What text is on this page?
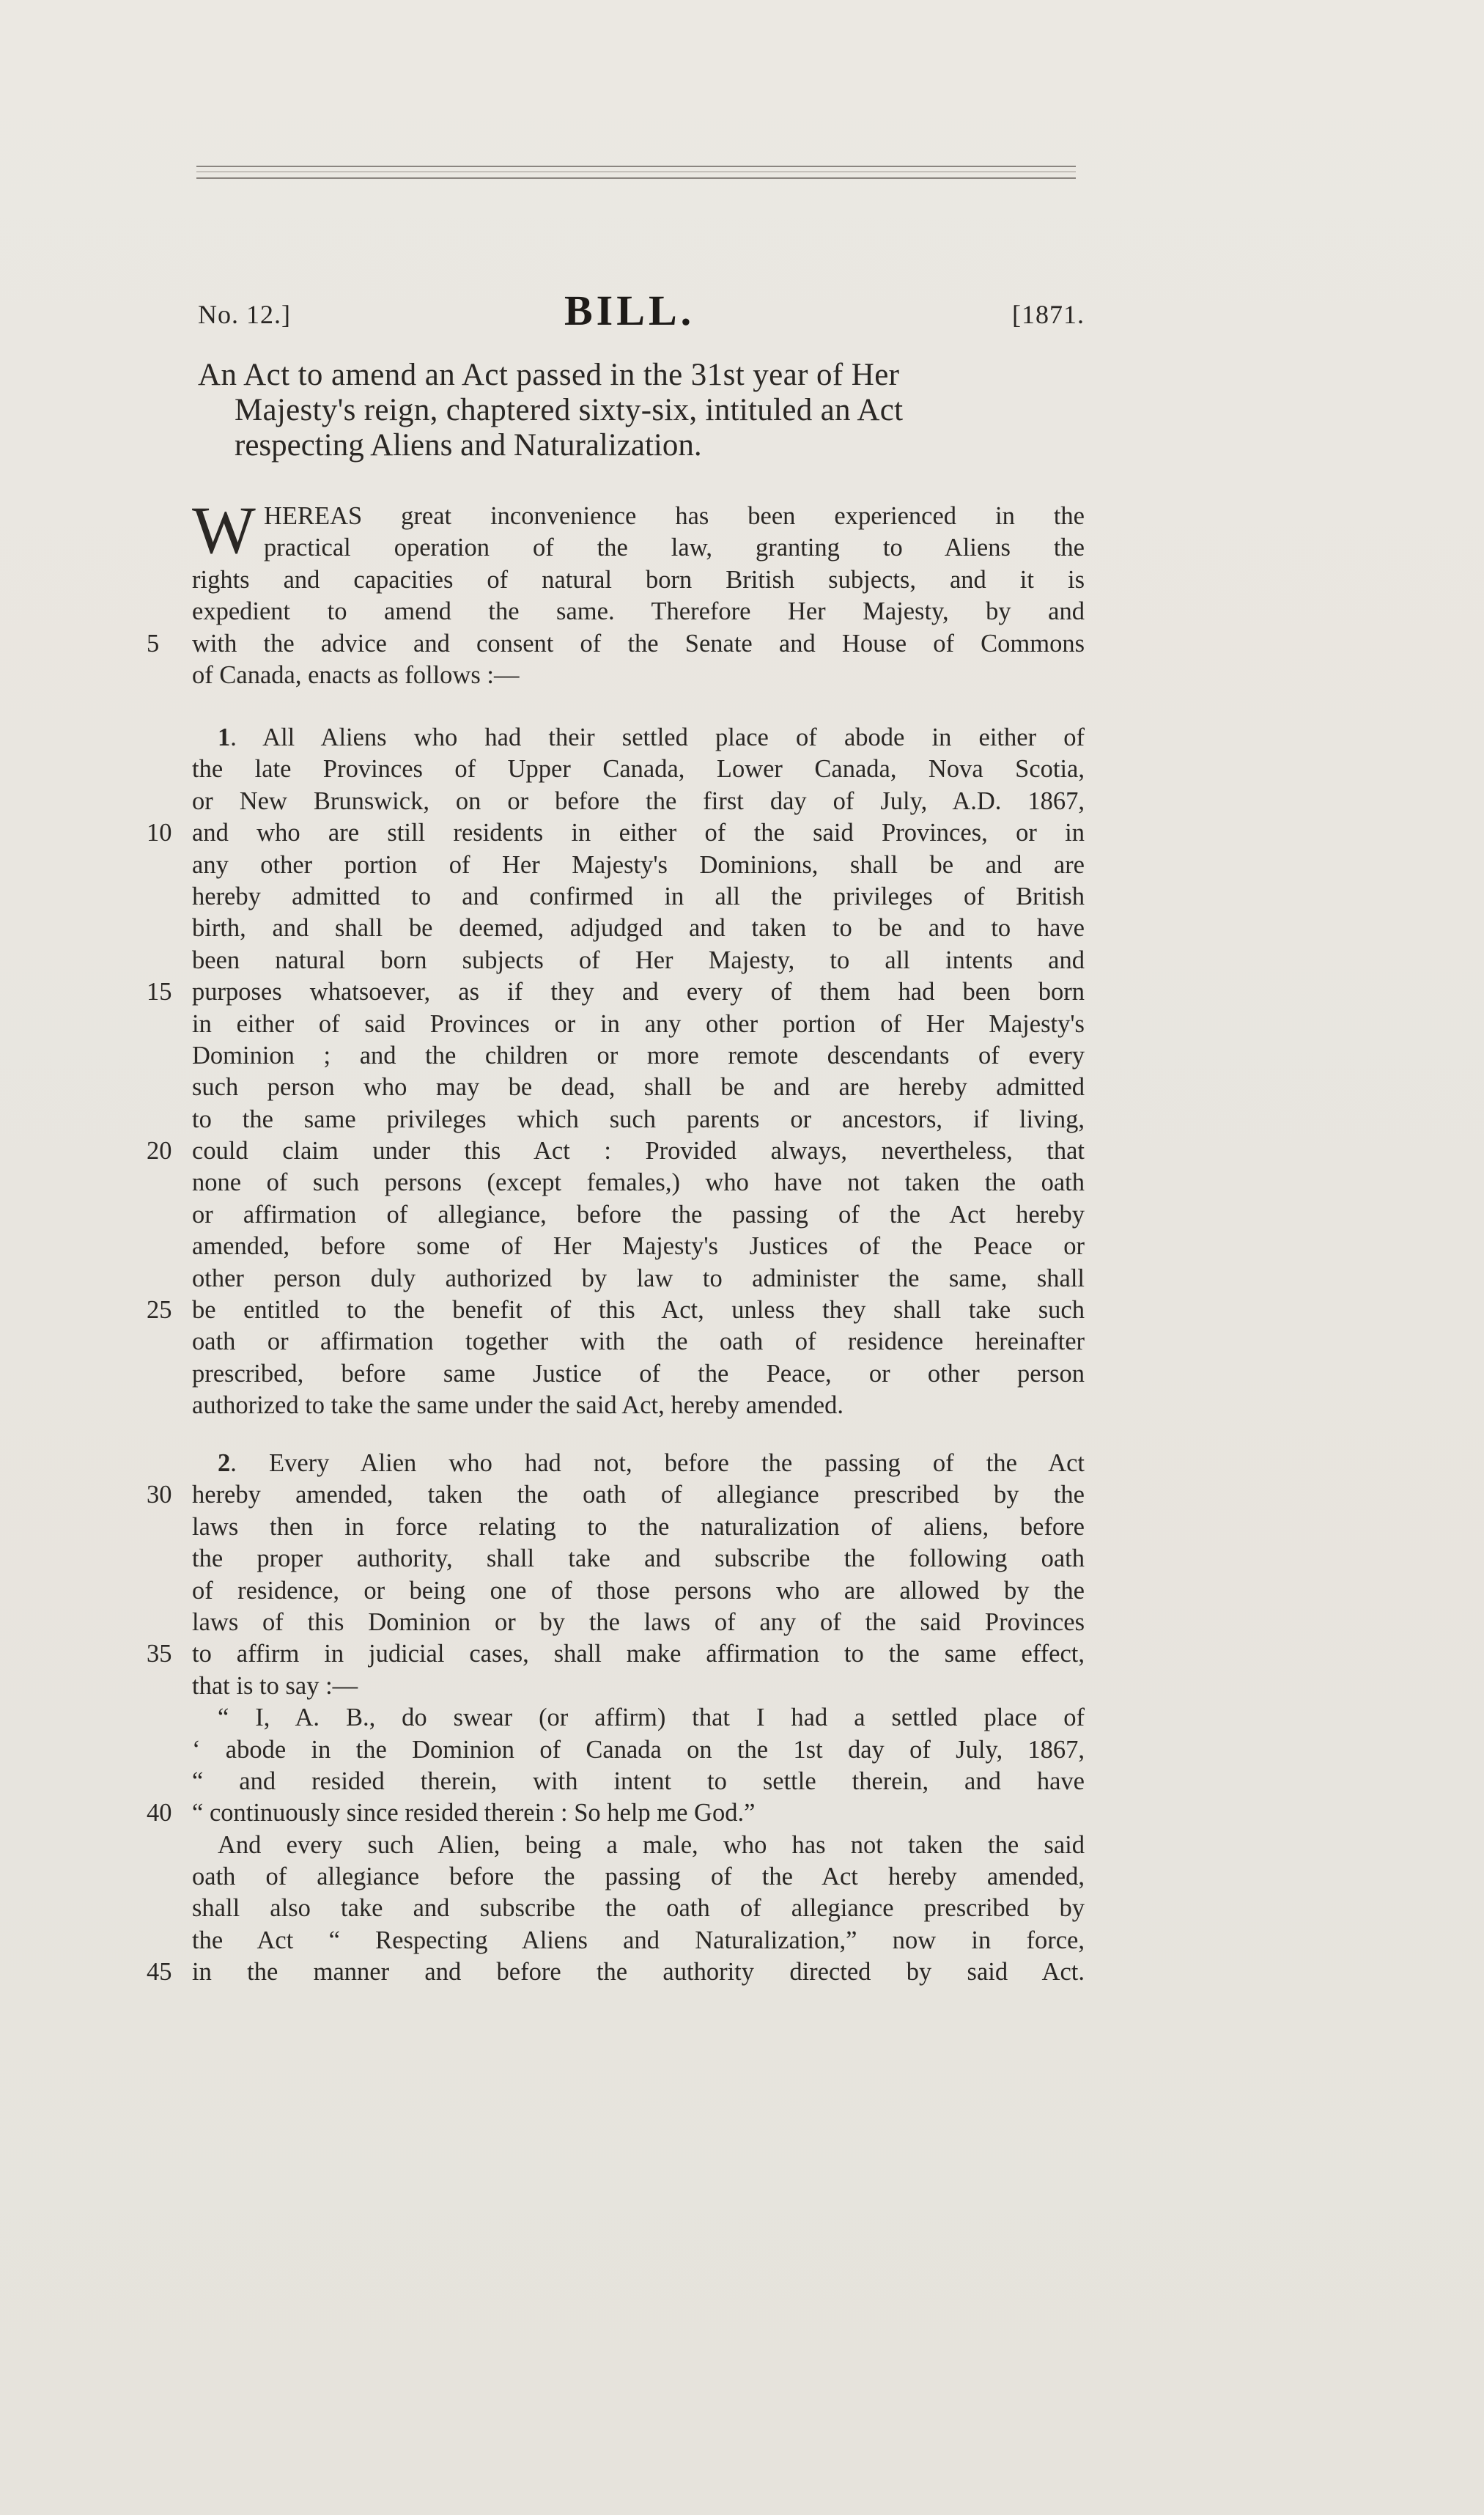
No. 12.]	BILL.	[1871.
An Act to amend an Act passed in the 31st year of Her
Majesty's reign, chaptered sixty-six, intituled an Act
respecting Aliens and Naturalization.
W HEREAS great inconvenience has been experienced in the
practical operation of the law, granting to Aliens the
rights and capacities of natural born British subjects, and it is
expedient to amend the same. Therefore Her Majesty, by and
5	with the advice and consent of the Senate and House of Commons
of Canada, enacts as follows :—
1. All Aliens who had their settled place of abode in either of
the late Provinces of Upper Canada, Lower Canada, Nova Scotia,
or New Brunswick, on or before the first day of July, A.D. 1867,
10 and who are still residents in either of the said Provinces, or in
any other portion of Her Majesty's Dominions, shall be and are
hereby admitted to and confirmed in all the privileges of British
birth, and shall be deemed, adjudged and taken to be and to have
been natural born subjects of Her Majesty, to all intents and
15 purposes whatsoever, as if they and every of them had been born
in either of said Provinces or in any other portion of Her Majesty's
Dominion ; and the children or more remote descendants of every
such person who may be dead, shall be and are hereby admitted
to the same privileges which such parents or ancestors, if living,
20 could claim under this Act : Provided always, nevertheless, that
none of such persons (except females,) who have not taken the oath
or affirmation of allegiance, before the passing of the Act hereby
amended, before some of Her Majesty's Justices of the Peace or
other person duly authorized by law to administer the same, shall
25 be entitled to the benefit of this Act, unless they shall take such
oath or affirmation together with the oath of residence hereinafter
prescribed, before same Justice of the Peace, or other person
authorized to take the same under the said Act, hereby amended.
2. Every Alien who had not, before the passing of the Act
30 hereby amended, taken the oath of allegiance prescribed by the
laws then in force relating to the naturalization of aliens, before
the proper authority, shall take and subscribe the following oath
of residence, or being one of those persons who are allowed by the
laws of this Dominion or by the laws of any of the said Provinces
35 to affirm in judicial cases, shall make affirmation to the same effect,
that is to say :—
“ I, A. B., do swear (or affirm) that I had a settled place of
‘ abode in the Dominion of Canada on the 1st day of July, 1867,
“ and resided therein, with intent to settle therein, and have
40 “ continuously since resided therein : So help me God.”
And every such Alien, being a male, who has not taken the said
oath of allegiance before the passing of the Act hereby amended,
shall also take and subscribe the oath of allegiance prescribed by
the Act “ Respecting Aliens and Naturalization,” now in force,
45 in the manner and before the authority directed by said Act.
